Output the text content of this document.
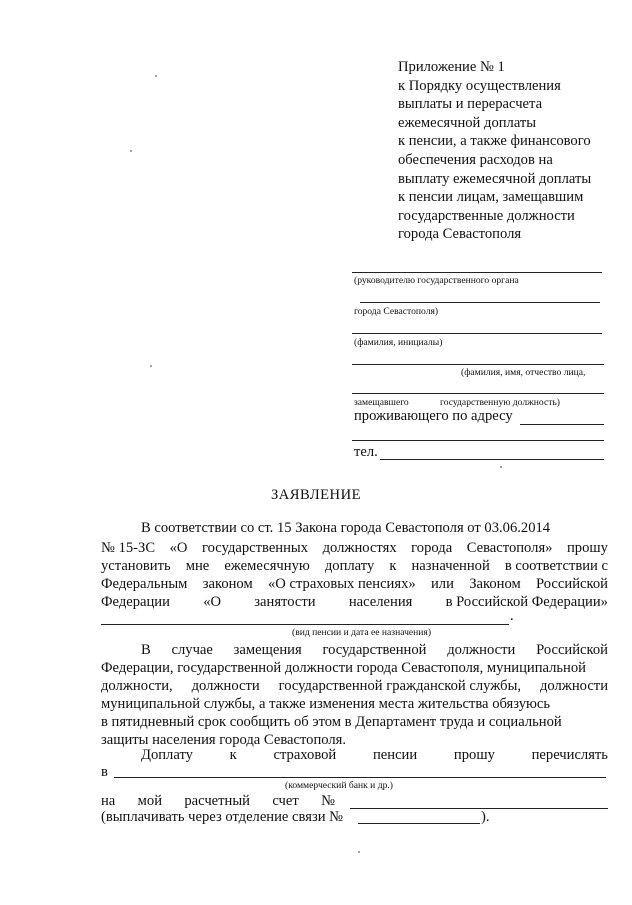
Приложение № 1
к Порядку осуществления
выплаты и перерасчета
ежемесячной доплаты
к пенсии, а также финансового
обеспечения расходов на
выплату ежемесячной доплаты
к пенсии лицам, замещавшим
государственные должности
города Севастополя
(руководителю государственного органа
города Севастополя)
(фамилия, инициалы)
(фамилия, имя, отчество лица,
замещавшего	государственную должность)
проживающего по адресу
тел.
ЗАЯВЛЕНИЕ
В соответствии со ст. 15 Закона города Севастополя от 03.06.2014
№ 15-ЗС «О государственных должностях города Севастополя» прошу
установить мне ежемесячную доплату к назначенной в соответствии с
Федеральным законом «О страховых пенсиях» или Законом Российской
Федерации «О занятости населения в Российской Федерации»
.
(вид пенсии и дата ее назначения)
В случае замещения государственной должности Российской
Федерации, государственной должности города Севастополя, муниципальной
должности, должности государственной гражданской службы, должности
муниципальной службы, а также изменения места жительства обязуюсь
в пятидневный срок сообщить об этом в Департамент труда и социальной
защиты населения города Севастополя.
Доплату	к	страховой	пенсии	прошу	перечислять
в
(коммерческий банк и др.)
на мой расчетный счет №
(выплачивать через отделение связи №	).
